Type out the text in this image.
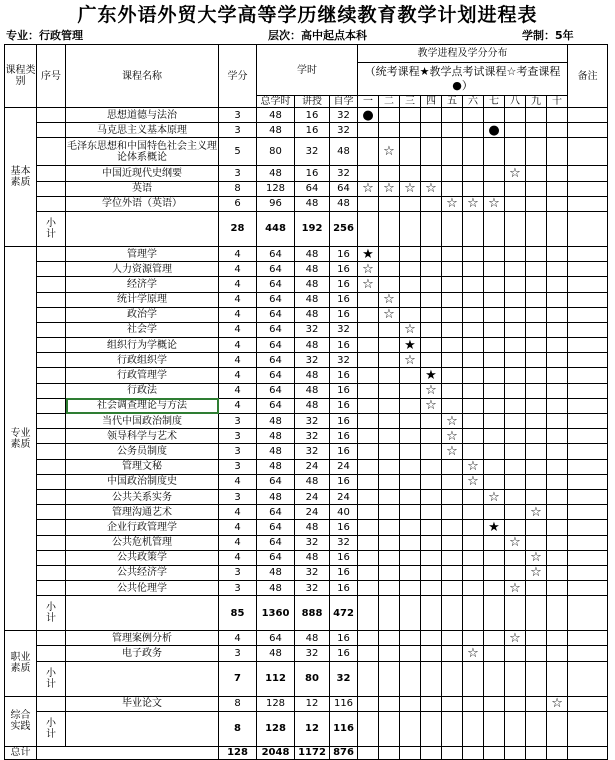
广东外语外贸大学高等学历继续教育教学计划进程表
专业：行政管理	层次：高中起点本科	学制：5年
课程类别	序号	课程名称	学分	学时			教学进程及学分分布										备注
							（统考课程★教学点考试课程☆考查课程●）										
				总学时	讲授	自学	一	二	三	四	五	六	七	八	九	十	
基本素质		思想道德与法治	3	48	16	32	●										
		马克思主义基本原理	3	48	16	32							●				
		毛泽东思想和中国特色社会主义理论体系概论	5	80	32	48		☆									
		中国近现代史纲要	3	48	16	32								☆			
		英语	8	128	64	64	☆	☆	☆	☆							
		学位外语（英语）	6	96	48	48					☆	☆	☆				
	小计		28	448	192	256											
专业素质		管理学	4	64	48	16	★										
		人力资源管理	4	64	48	16	☆										
		经济学	4	64	48	16	☆										
		统计学原理	4	64	48	16		☆									
		政治学	4	64	48	16		☆									
		社会学	4	64	32	32			☆								
		组织行为学概论	4	64	48	16			★								
		行政组织学	4	64	32	32			☆								
		行政管理学	4	64	48	16				★							
		行政法	4	64	48	16				☆							
		社会调查理论与方法	4	64	48	16				☆							
		当代中国政治制度	3	48	32	16					☆						
		领导科学与艺术	3	48	32	16					☆						
		公务员制度	3	48	32	16					☆						
		管理文秘	3	48	24	24						☆					
		中国政治制度史	4	64	48	16						☆					
		公共关系实务	3	48	24	24							☆				
		管理沟通艺术	4	64	24	40									☆		
		企业行政管理学	4	64	48	16							★				
		公共危机管理	4	64	32	32								☆			
		公共政策学	4	64	48	16									☆		
		公共经济学	3	48	32	16									☆		
		公共伦理学	3	48	32	16								☆			
	小计		85	1360	888	472											
职业素质		管理案例分析	4	64	48	16								☆			
		电子政务	3	48	32	16						☆					
	小计		7	112	80	32											
综合实践		毕业论文	8	128	12	116										☆	
	小计		8	128	12	116											
总计			128	2048	1172	876											
